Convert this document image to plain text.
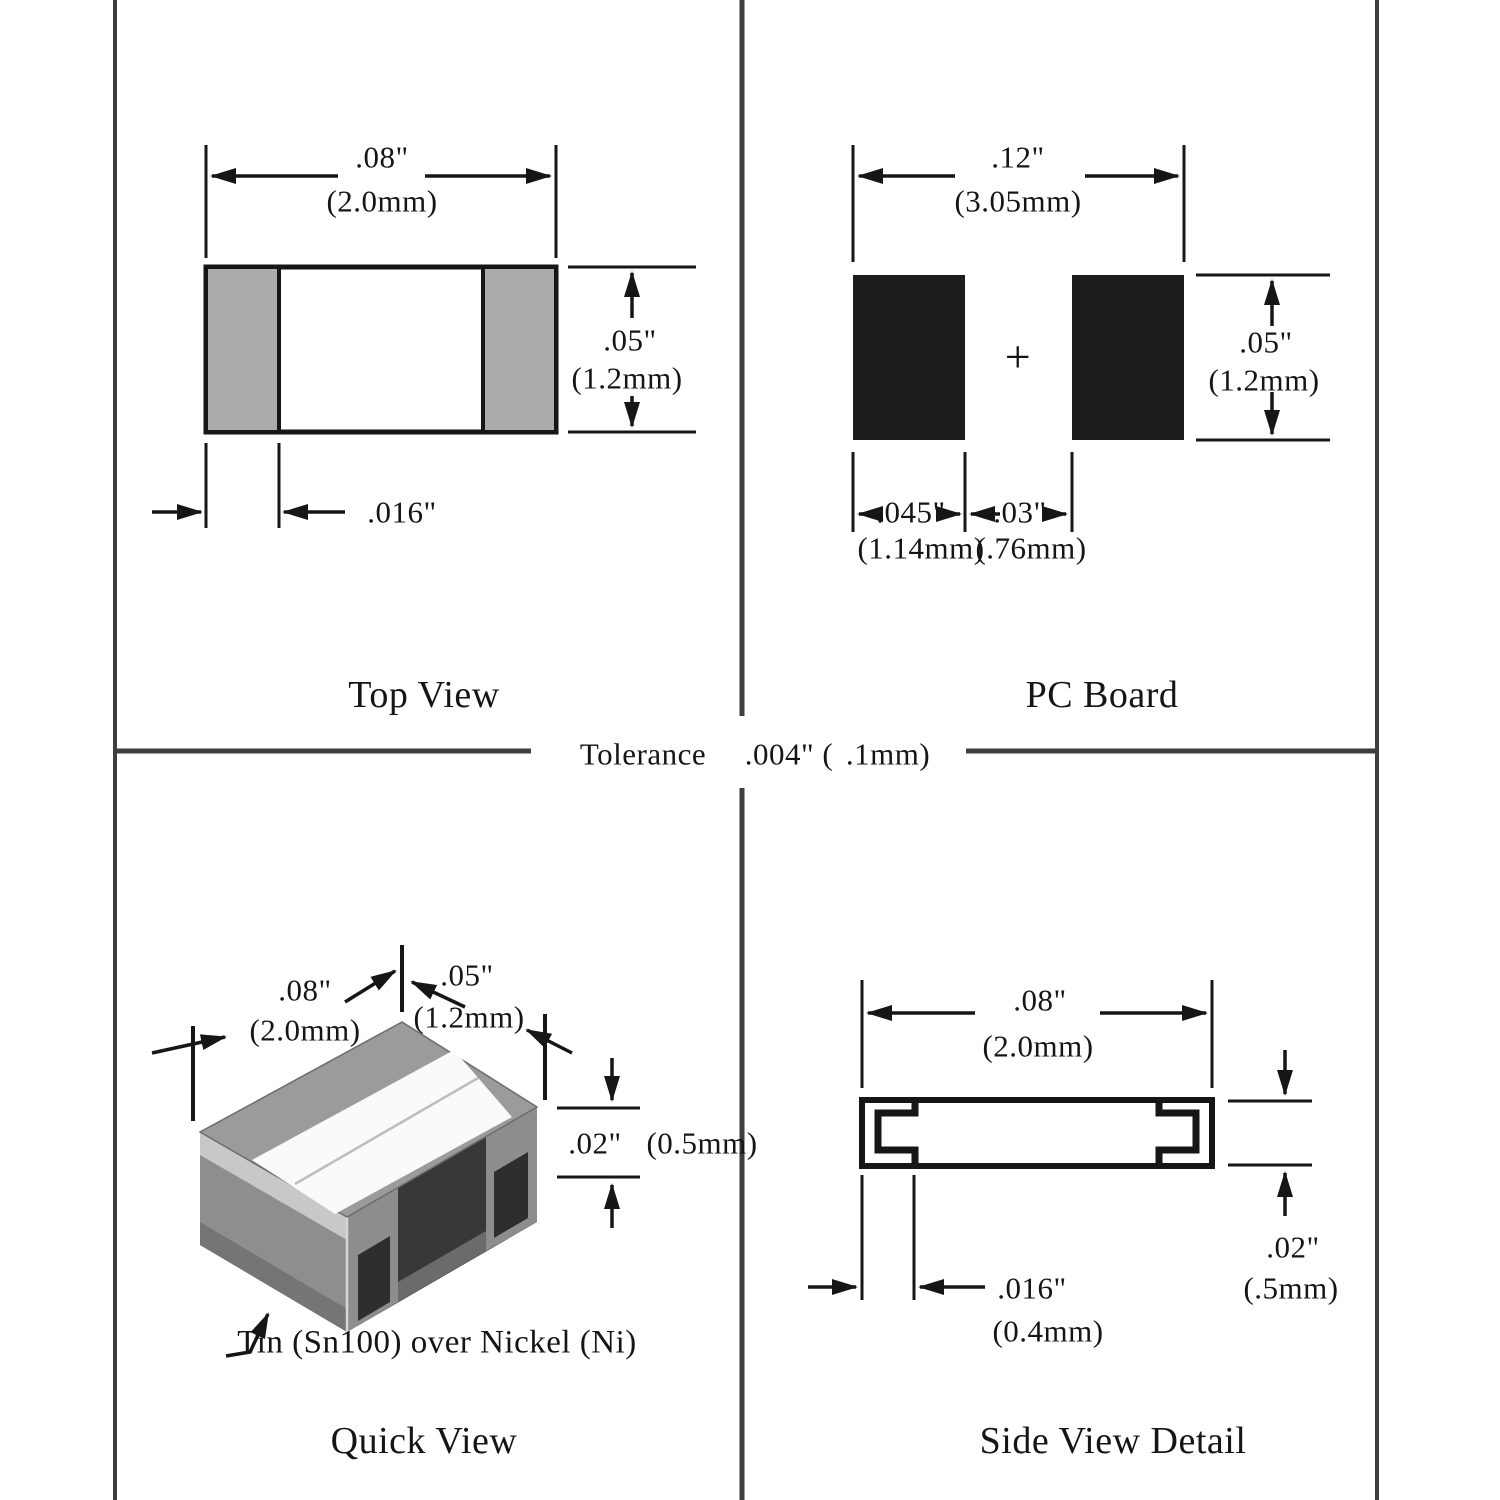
.08"
(2.0mm)
.05"
(1.2mm)
.016"
Top View
.12"
(3.05mm)
+	.05"
(1.2mm)
.045"
(1.14mm)
.03"
(.76mm)
PC Board
Tolerance .004" ( .1mm)
.08"
(2.0mm)
.05"
(1.2mm)
.02" (0.5mm)
Tin (Sn100) over Nickel (Ni)
Quick View
.08"
(2.0mm)
.02"
(.5mm)
.016"
(0.4mm)
Side View Detail
